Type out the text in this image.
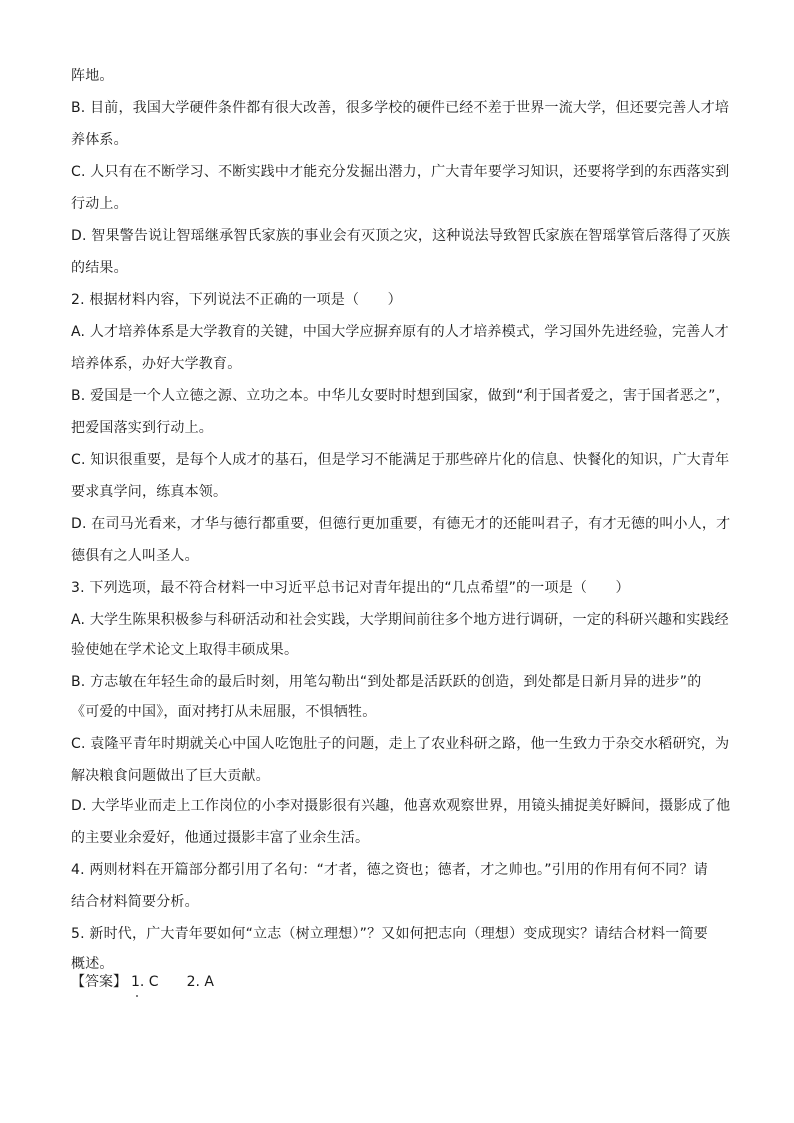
阵地。
B. 目前，我国大学硬件条件都有很大改善，很多学校的硬件已经不差于世界一流大学，但还要完善人才培
养体系。
C. 人只有在不断学习、不断实践中才能充分发掘出潜力，广大青年要学习知识，还要将学到的东西落实到
行动上。
D. 智果警告说让智瑶继承智氏家族的事业会有灭顶之灾，这种说法导致智氏家族在智瑶掌管后落得了灭族
的结果。
2. 根据材料内容，下列说法不正确的一项是（　　）
A. 人才培养体系是大学教育的关键，中国大学应摒弃原有的人才培养模式，学习国外先进经验，完善人才
培养体系，办好大学教育。
B. 爱国是一个人立德之源、立功之本。中华儿女要时时想到国家，做到“利于国者爱之，害于国者恶之”，
把爱国落实到行动上。
C. 知识很重要，是每个人成才的基石，但是学习不能满足于那些碎片化的信息、快餐化的知识，广大青年
要求真学问，练真本领。
D. 在司马光看来，才华与德行都重要，但德行更加重要，有德无才的还能叫君子，有才无德的叫小人，才
德俱有之人叫圣人。
3. 下列选项，最不符合材料一中习近平总书记对青年提出的“几点希望”的一项是（　　）
A. 大学生陈果积极参与科研活动和社会实践，大学期间前往多个地方进行调研，一定的科研兴趣和实践经
验使她在学术论文上取得丰硕成果。
B. 方志敏在年轻生命的最后时刻，用笔勾勒出“到处都是活跃跃的创造，到处都是日新月异的进步”的
《可爱的中国》，面对拷打从未屈服，不惧牺牲。
C. 袁隆平青年时期就关心中国人吃饱肚子的问题，走上了农业科研之路，他一生致力于杂交水稻研究，为
解决粮食问题做出了巨大贡献。
D. 大学毕业而走上工作岗位的小李对摄影很有兴趣，他喜欢观察世界，用镜头捕捉美好瞬间，摄影成了他
的主要业余爱好，他通过摄影丰富了业余生活。
4. 两则材料在开篇部分都引用了名句：“才者，德之资也；德者，才之帅也。”引用的作用有何不同？请
结合材料简要分析。
5. 新时代，广大青年要如何“立志（树立理想）”？又如何把志向（理想）变成现实？请结合材料一简要
概述。
【答案】 1. C 2. A
